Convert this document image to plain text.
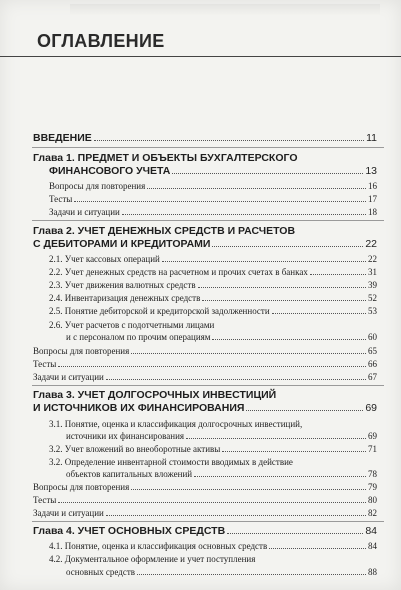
ОГЛАВЛЕНИЕ
ВВЕДЕНИЕ	11
Глава 1. ПРЕДМЕТ И ОБЪЕКТЫ БУХГАЛТЕРСКОГО
ФИНАНСОВОГО УЧЕТА	13
Вопросы для повторения	16
Тесты	17
Задачи и ситуации	18
Глава 2. УЧЕТ ДЕНЕЖНЫХ СРЕДСТВ И РАСЧЕТОВ
С ДЕБИТОРАМИ И КРЕДИТОРАМИ	22
2.1. Учет кассовых операций	22
2.2. Учет денежных средств на расчетном и прочих счетах в банках	31
2.3. Учет движения валютных средств	39
2.4. Инвентаризация денежных средств	52
2.5. Понятие дебиторской и кредиторской задолженности	53
2.6. Учет расчетов с подотчетными лицами
и с персоналом по прочим операциям	60
Вопросы для повторения	65
Тесты	66
Задачи и ситуации	67
Глава 3. УЧЕТ ДОЛГОСРОЧНЫХ ИНВЕСТИЦИЙ
И ИСТОЧНИКОВ ИХ ФИНАНСИРОВАНИЯ	69
3.1. Понятие, оценка и классификация долгосрочных инвестиций,
источники их финансирования	69
3.2. Учет вложений во внеоборотные активы	71
3.2. Определение инвентарной стоимости вводимых в действие
объектов капитальных вложений	78
Вопросы для повторения	79
Тесты	80
Задачи и ситуации	82
Глава 4. УЧЕТ ОСНОВНЫХ СРЕДСТВ	84
4.1. Понятие, оценка и классификация основных средств	84
4.2. Документальное оформление и учет поступления
основных средств	88
